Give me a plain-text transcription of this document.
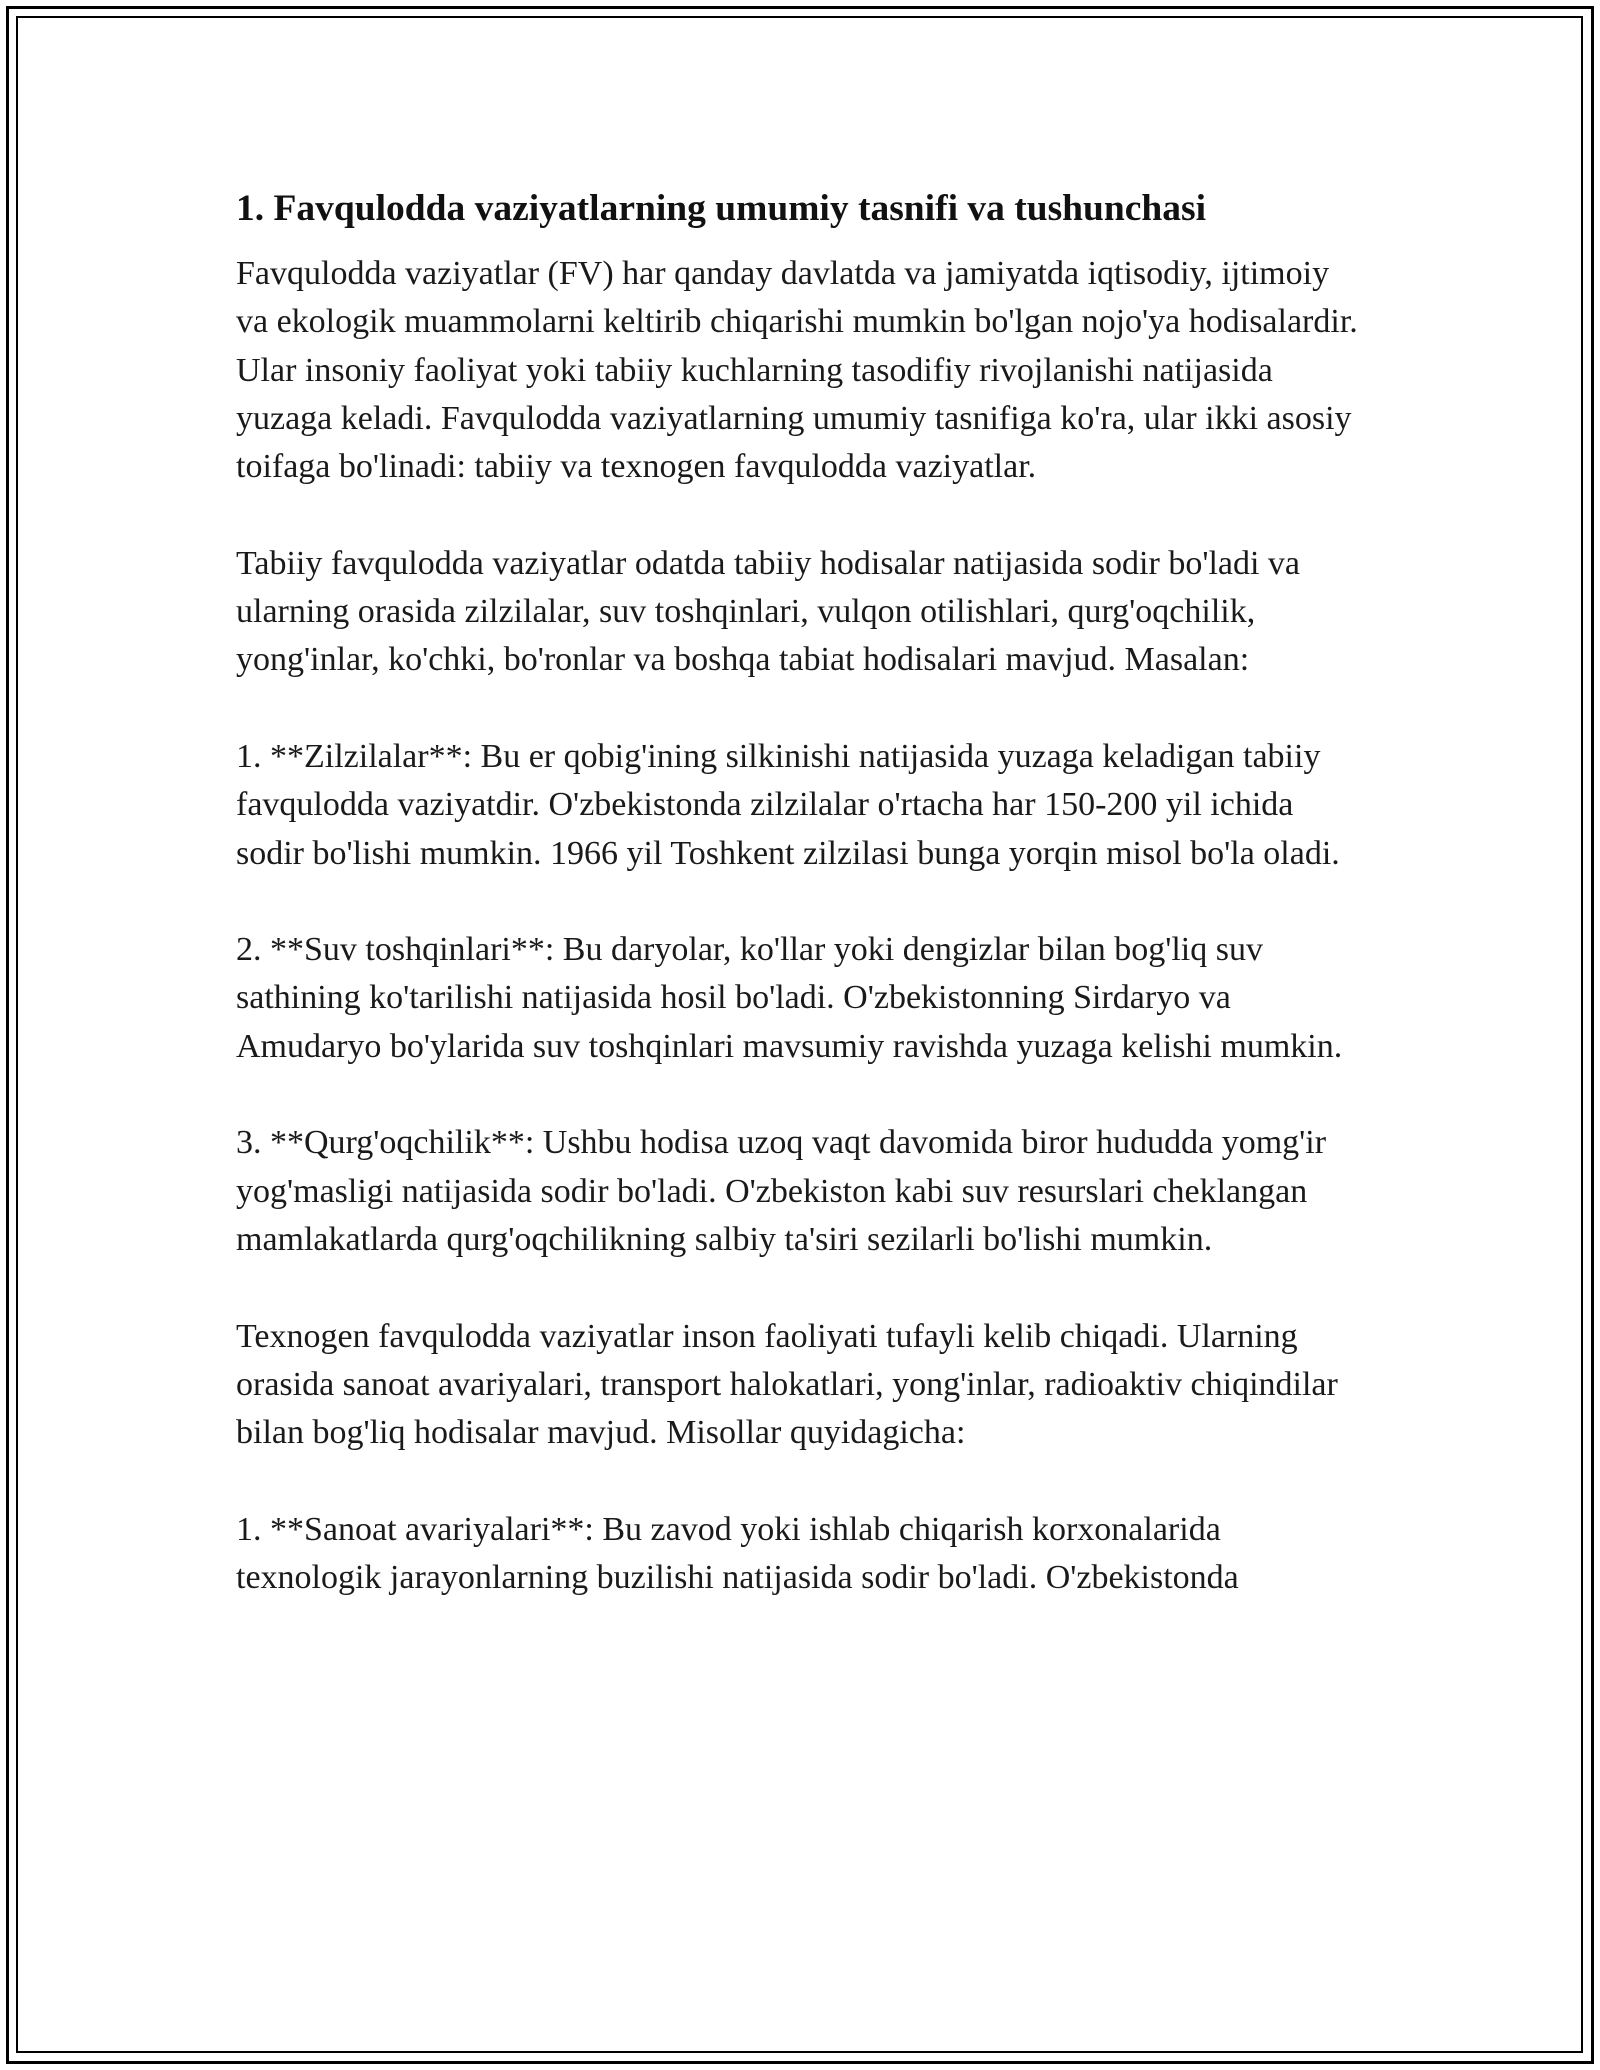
1. Favqulodda vaziyatlarning umumiy tasnifi va tushunchasi

Favqulodda vaziyatlar (FV) har qanday davlatda va jamiyatda iqtisodiy, ijtimoiy va ekologik muammolarni keltirib chiqarishi mumkin bo'lgan nojo'ya hodisalardir. Ular insoniy faoliyat yoki tabiiy kuchlarning tasodifiy rivojlanishi natijasida yuzaga keladi. Favqulodda vaziyatlarning umumiy tasnifiga ko'ra, ular ikki asosiy toifaga bo'linadi: tabiiy va texnogen favqulodda vaziyatlar.

Tabiiy favqulodda vaziyatlar odatda tabiiy hodisalar natijasida sodir bo'ladi va ularning orasida zilzilalar, suv toshqinlari, vulqon otilishlari, qurg'oqchilik, yong'inlar, ko'chki, bo'ronlar va boshqa tabiat hodisalari mavjud. Masalan:

1. **Zilzilalar**: Bu er qobig'ining silkinishi natijasida yuzaga keladigan tabiiy favqulodda vaziyatdir. O'zbekistonda zilzilalar o'rtacha har 150-200 yil ichida sodir bo'lishi mumkin. 1966 yil Toshkent zilzilasi bunga yorqin misol bo'la oladi.

2. **Suv toshqinlari**: Bu daryolar, ko'llar yoki dengizlar bilan bog'liq suv sathining ko'tarilishi natijasida hosil bo'ladi. O'zbekistonning Sirdaryo va Amudaryo bo'ylarida suv toshqinlari mavsumiy ravishda yuzaga kelishi mumkin.

3. **Qurg'oqchilik**: Ushbu hodisa uzoq vaqt davomida biror hududda yomg'ir yog'masligi natijasida sodir bo'ladi. O'zbekiston kabi suv resurslari cheklangan mamlakatlarda qurg'oqchilikning salbiy ta'siri sezilarli bo'lishi mumkin.

Texnogen favqulodda vaziyatlar inson faoliyati tufayli kelib chiqadi. Ularning orasida sanoat avariyalari, transport halokatlari, yong'inlar, radioaktiv chiqindilar bilan bog'liq hodisalar mavjud. Misollar quyidagicha:

1. **Sanoat avariyalari**: Bu zavod yoki ishlab chiqarish korxonalarida texnologik jarayonlarning buzilishi natijasida sodir bo'ladi. O'zbekistonda
